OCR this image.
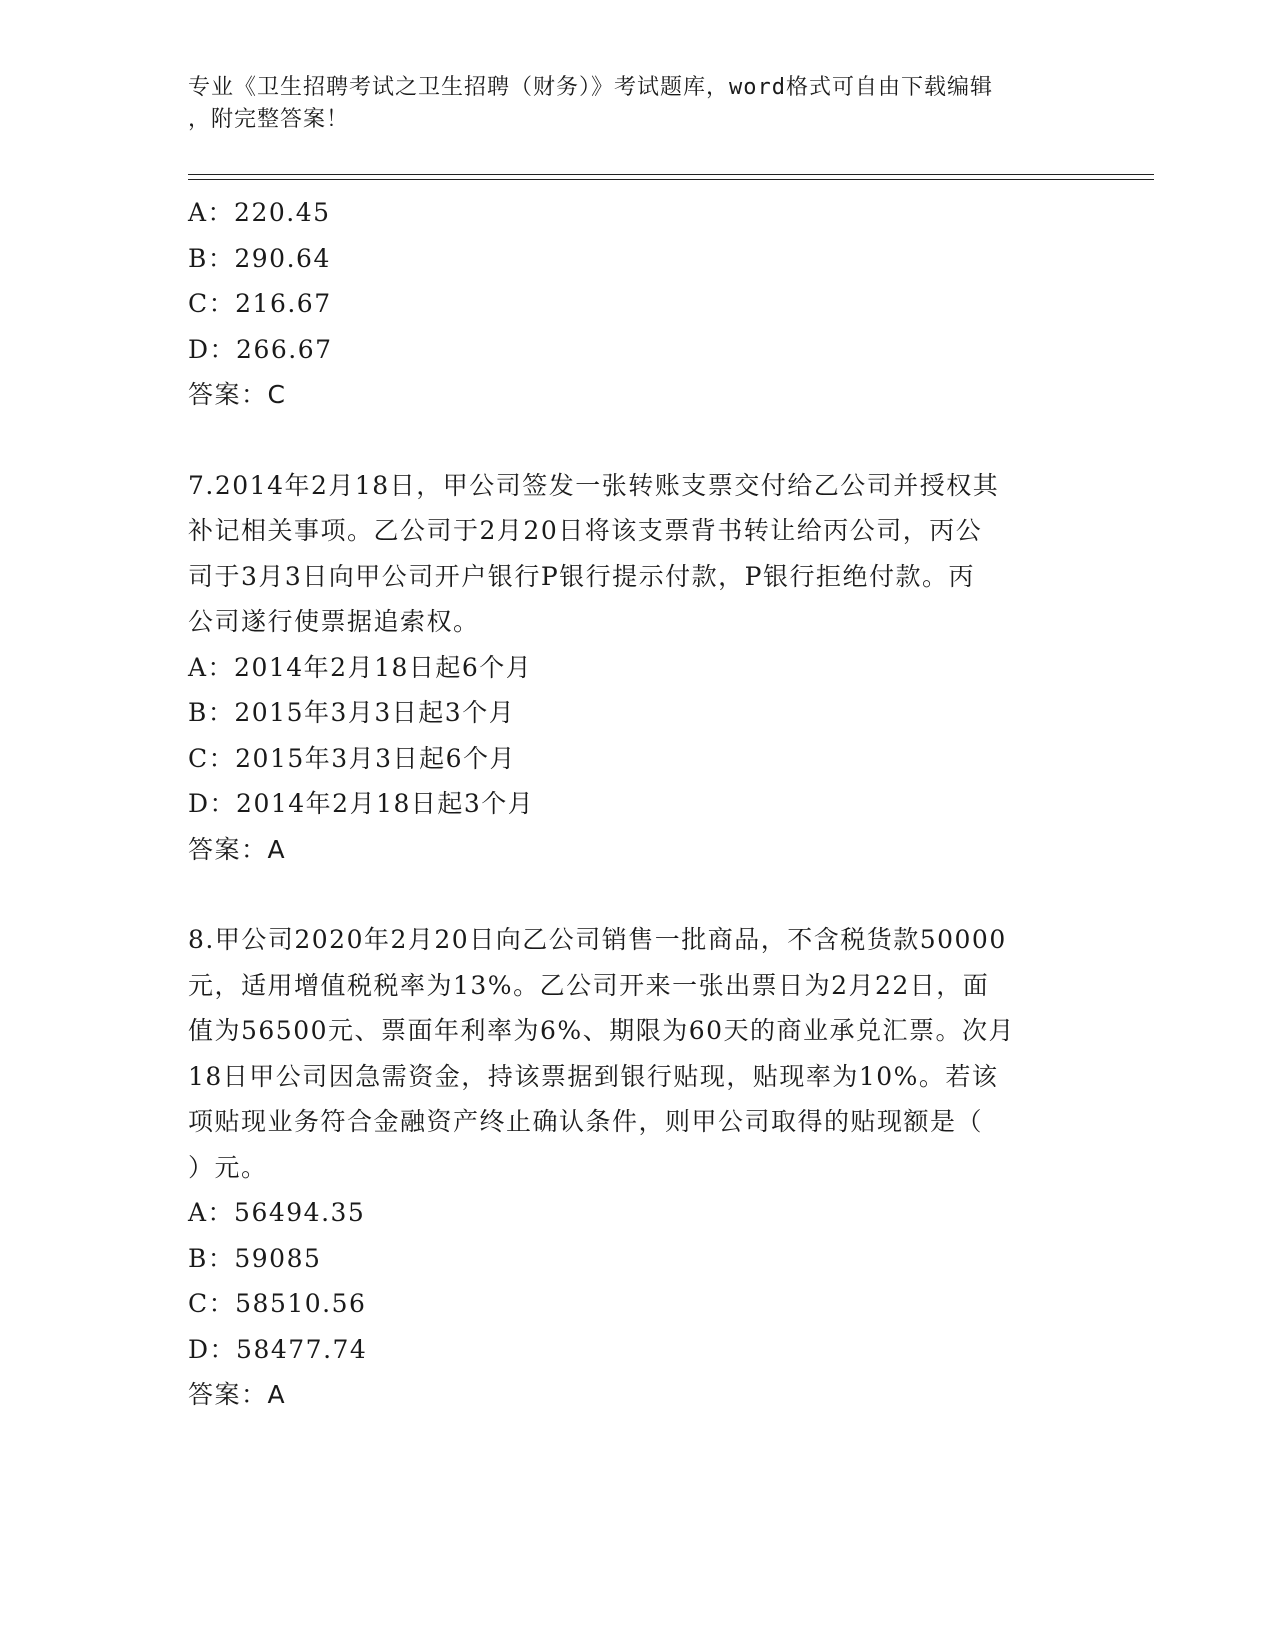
专业《卫生招聘考试之卫生招聘（财务）》考试题库，word格式可自由下载编辑
，附完整答案！
A：220.45
B：290.64
C：216.67
D：266.67
答案：C
7.2014年2月18日，甲公司签发一张转账支票交付给乙公司并授权其
补记相关事项。乙公司于2月20日将该支票背书转让给丙公司，丙公
司于3月3日向甲公司开户银行P银行提示付款，P银行拒绝付款。丙
公司遂行使票据追索权。
A：2014年2月18日起6个月
B：2015年3月3日起3个月
C：2015年3月3日起6个月
D：2014年2月18日起3个月
答案：A
8.甲公司2020年2月20日向乙公司销售一批商品，不含税货款50000
元，适用增值税税率为13%。乙公司开来一张出票日为2月22日，面
值为56500元、票面年利率为6%、期限为60天的商业承兑汇票。次月
18日甲公司因急需资金，持该票据到银行贴现，贴现率为10%。若该
项贴现业务符合金融资产终止确认条件，则甲公司取得的贴现额是（
）元。
A：56494.35
B：59085
C：58510.56
D：58477.74
答案：A
